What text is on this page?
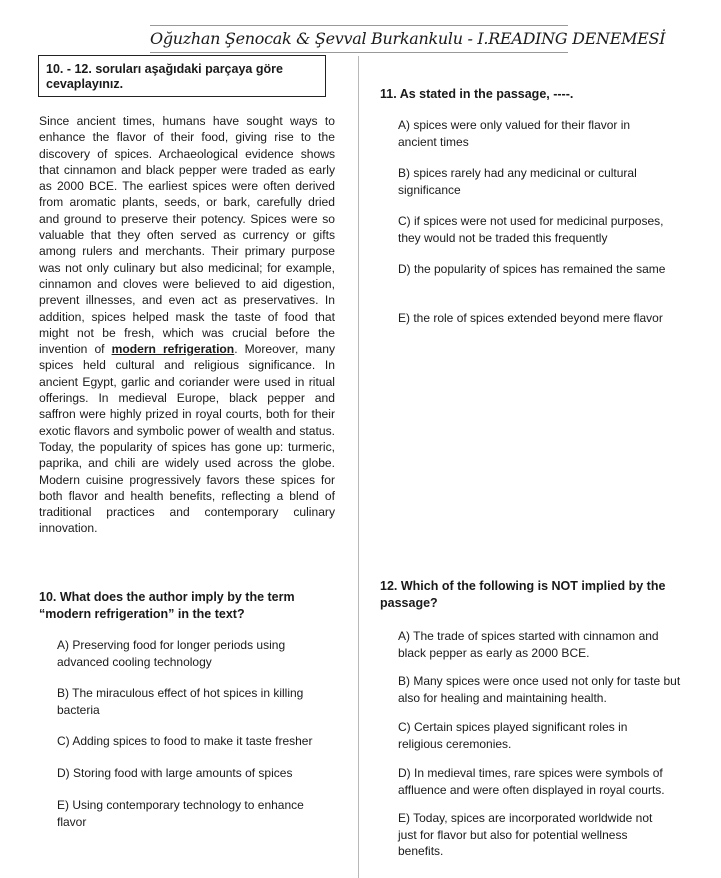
Oğuzhan Şenocak & Şevval Burkankulu - I.READING DENEMESİ
10. - 12. soruları aşağıdaki parçaya göre cevaplayınız.

Since ancient times, humans have sought ways to enhance the flavor of their food, giving rise to the discovery of spices. Archaeological evidence shows that cinnamon and black pepper were traded as early as 2000 BCE. The earliest spices were often derived from aromatic plants, seeds, or bark, carefully dried and ground to preserve their potency. Spices were so valuable that they often served as currency or gifts among rulers and merchants. Their primary purpose was not only culinary but also medicinal; for example, cinnamon and cloves were believed to aid digestion, prevent illnesses, and even act as preservatives. In addition, spices helped mask the taste of food that might not be fresh, which was crucial before the invention of modern refrigeration. Moreover, many spices held cultural and religious significance. In ancient Egypt, garlic and coriander were used in ritual offerings. In medieval Europe, black pepper and saffron were highly prized in royal courts, both for their exotic flavors and symbolic power of wealth and status. Today, the popularity of spices has gone up: turmeric, paprika, and chili are widely used across the globe. Modern cuisine progressively favors these spices for both flavor and health benefits, reflecting a blend of traditional practices and contemporary culinary innovation.

10. What does the author imply by the term “modern refrigeration” in the text?

A) Preserving food for longer periods using advanced cooling technology

B) The miraculous effect of hot spices in killing bacteria

C) Adding spices to food to make it taste fresher

D) Storing food with large amounts of spices

E) Using contemporary technology to enhance flavor

11. As stated in the passage, ----.

A) spices were only valued for their flavor in ancient times

B) spices rarely had any medicinal or cultural significance

C) if spices were not used for medicinal purposes, they would not be traded this frequently

D) the popularity of spices has remained the same

E) the role of spices extended beyond mere flavor

12. Which of the following is NOT implied by the passage?

A) The trade of spices started with cinnamon and black pepper as early as 2000 BCE.

B) Many spices were once used not only for taste but also for healing and maintaining health.

C) Certain spices played significant roles in religious ceremonies.

D) In medieval times, rare spices were symbols of affluence and were often displayed in royal courts.

E) Today, spices are incorporated worldwide not just for flavor but also for potential wellness benefits.
